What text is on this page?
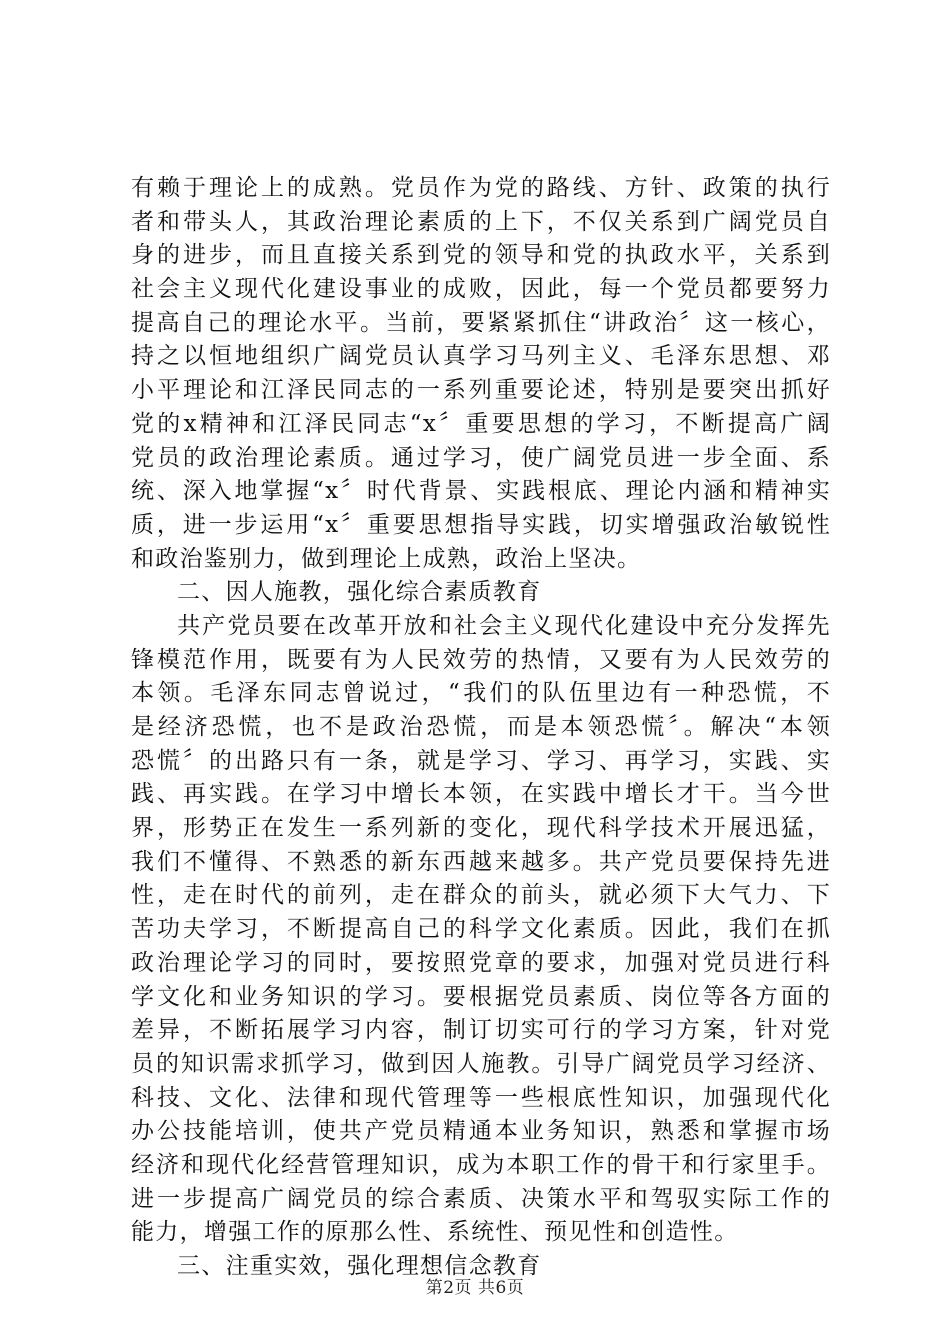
有赖于理论上的成熟。党员作为党的路线、方针、政策的执行
者和带头人，其政治理论素质的上下，不仅关系到广阔党员自
身的进步，而且直接关系到党的领导和党的执政水平，关系到
社会主义现代化建设事业的成败，因此，每一个党员都要努力
提高自己的理论水平。当前，要紧紧抓住“讲政治〞这一核心，
持之以恒地组织广阔党员认真学习马列主义、毛泽东思想、邓
小平理论和江泽民同志的一系列重要论述，特别是要突出抓好
党的x精神和江泽民同志“x〞重要思想的学习，不断提高广阔
党员的政治理论素质。通过学习，使广阔党员进一步全面、系
统、深入地掌握“x〞时代背景、实践根底、理论内涵和精神实
质，进一步运用“x〞重要思想指导实践，切实增强政治敏锐性
和政治鉴别力，做到理论上成熟，政治上坚决。
二、因人施教，强化综合素质教育
共产党员要在改革开放和社会主义现代化建设中充分发挥先
锋模范作用，既要有为人民效劳的热情，又要有为人民效劳的
本领。毛泽东同志曾说过，“我们的队伍里边有一种恐慌，不
是经济恐慌，也不是政治恐慌，而是本领恐慌〞。解决“本领
恐慌〞的出路只有一条，就是学习、学习、再学习，实践、实
践、再实践。在学习中增长本领，在实践中增长才干。当今世
界，形势正在发生一系列新的变化，现代科学技术开展迅猛，
我们不懂得、不熟悉的新东西越来越多。共产党员要保持先进
性，走在时代的前列，走在群众的前头，就必须下大气力、下
苦功夫学习，不断提高自己的科学文化素质。因此，我们在抓
政治理论学习的同时，要按照党章的要求，加强对党员进行科
学文化和业务知识的学习。要根据党员素质、岗位等各方面的
差异，不断拓展学习内容，制订切实可行的学习方案，针对党
员的知识需求抓学习，做到因人施教。引导广阔党员学习经济、
科技、文化、法律和现代管理等一些根底性知识，加强现代化
办公技能培训，使共产党员精通本业务知识，熟悉和掌握市场
经济和现代化经营管理知识，成为本职工作的骨干和行家里手。
进一步提高广阔党员的综合素质、决策水平和驾驭实际工作的
能力，增强工作的原那么性、系统性、预见性和创造性。
三、注重实效，强化理想信念教育
第2页 共6页
